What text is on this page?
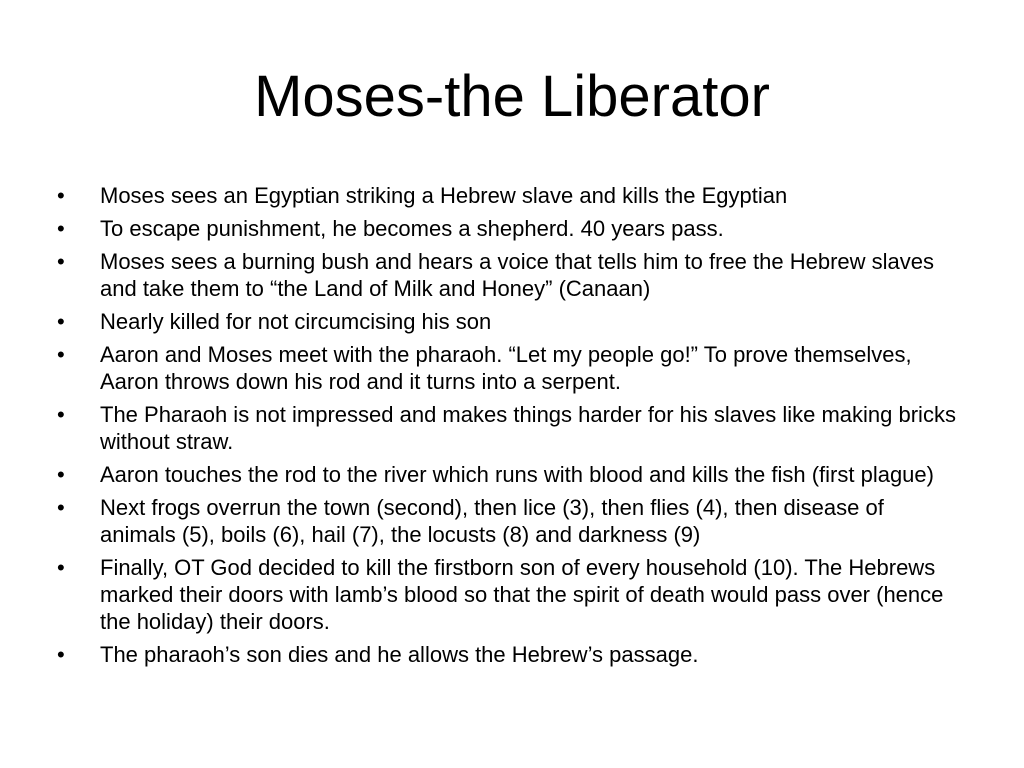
Moses-the Liberator
•	Moses sees an Egyptian striking a Hebrew slave and kills the Egyptian
•	To escape punishment, he becomes a shepherd. 40 years pass.
•	Moses sees a burning bush and hears a voice that tells him to free the Hebrew slaves and take them to “the Land of Milk and Honey” (Canaan)
•	Nearly killed for not circumcising his son
•	Aaron and Moses meet with the pharaoh. “Let my people go!” To prove themselves, Aaron throws down his rod and it turns into a serpent.
•	The Pharaoh is not impressed and makes things harder for his slaves like making bricks without straw.
•	Aaron touches the rod to the river which runs with blood and kills the fish (first plague)
•	Next frogs overrun the town (second), then lice (3), then flies (4), then disease of animals (5), boils (6), hail (7), the locusts (8) and darkness (9)
•	Finally, OT God decided to kill the firstborn son of every household (10). The Hebrews marked their doors with lamb’s blood so that the spirit of death would pass over (hence the holiday) their doors.
•	The pharaoh’s son dies and he allows the Hebrew’s passage.
